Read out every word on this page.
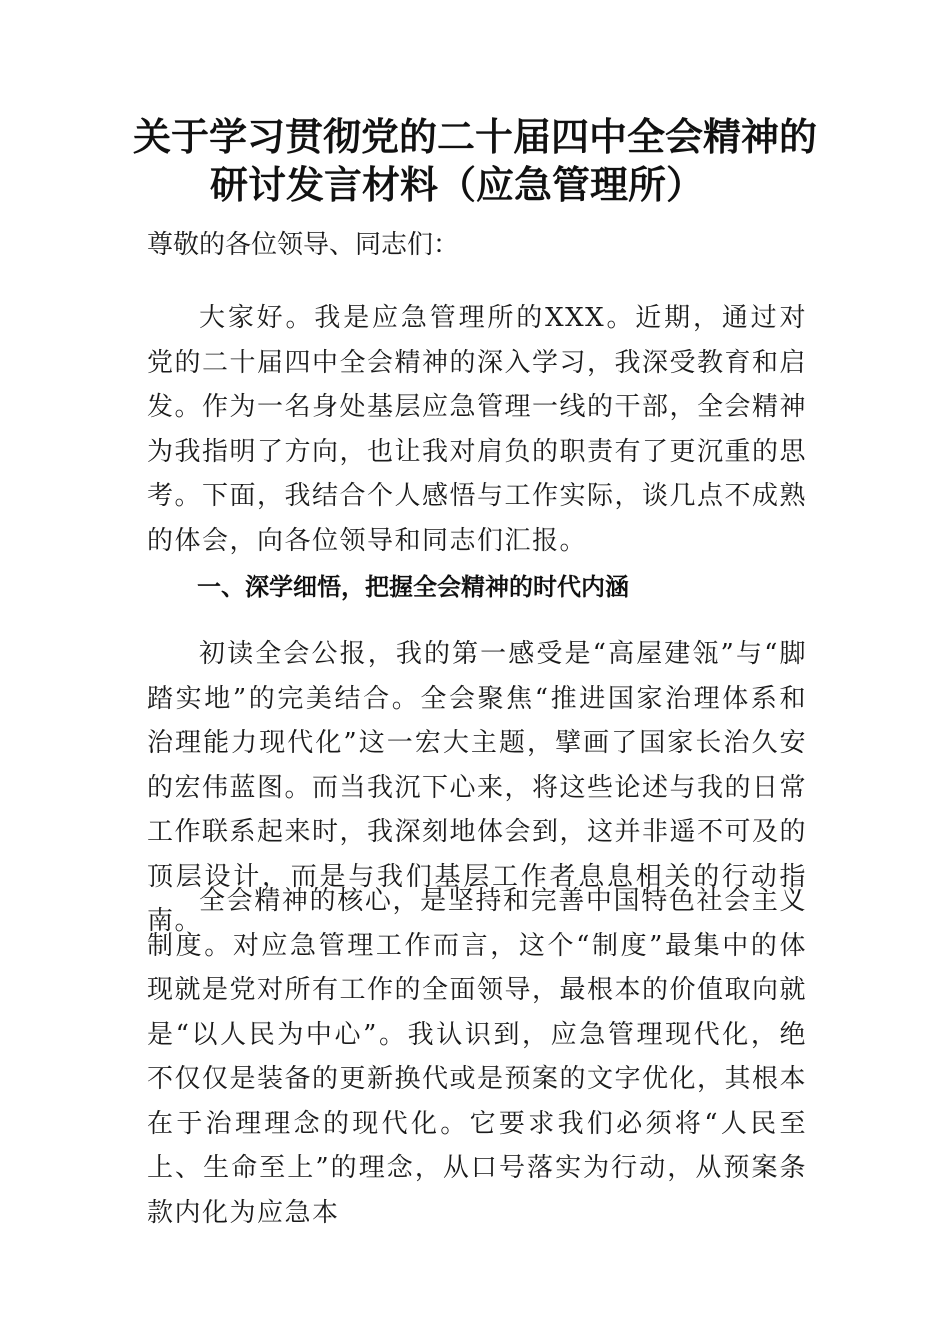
关于学习贯彻党的二十届四中全会精神的
研讨发言材料（应急管理所）
尊敬的各位领导、同志们：
大家好。我是应急管理所的XXX。近期，通过对党的二十届四中全会精神的深入学习，我深受教育和启发。作为一名身处基层应急管理一线的干部，全会精神为我指明了方向，也让我对肩负的职责有了更沉重的思考。下面，我结合个人感悟与工作实际，谈几点不成熟的体会，向各位领导和同志们汇报。
一、深学细悟，把握全会精神的时代内涵
初读全会公报，我的第一感受是“高屋建瓴”与“脚踏实地”的完美结合。全会聚焦“推进国家治理体系和治理能力现代化”这一宏大主题，擘画了国家长治久安的宏伟蓝图。而当我沉下心来，将这些论述与我的日常工作联系起来时，我深刻地体会到，这并非遥不可及的顶层设计，而是与我们基层工作者息息相关的行动指南。
全会精神的核心，是坚持和完善中国特色社会主义制度。对应急管理工作而言，这个“制度”最集中的体现就是党对所有工作的全面领导，最根本的价值取向就是“以人民为中心”。我认识到，应急管理现代化，绝不仅仅是装备的更新换代或是预案的文字优化，其根本在于治理理念的现代化。它要求我们必须将“人民至上、生命至上”的理念，从口号落实为行动，从预案条款内化为应急本
